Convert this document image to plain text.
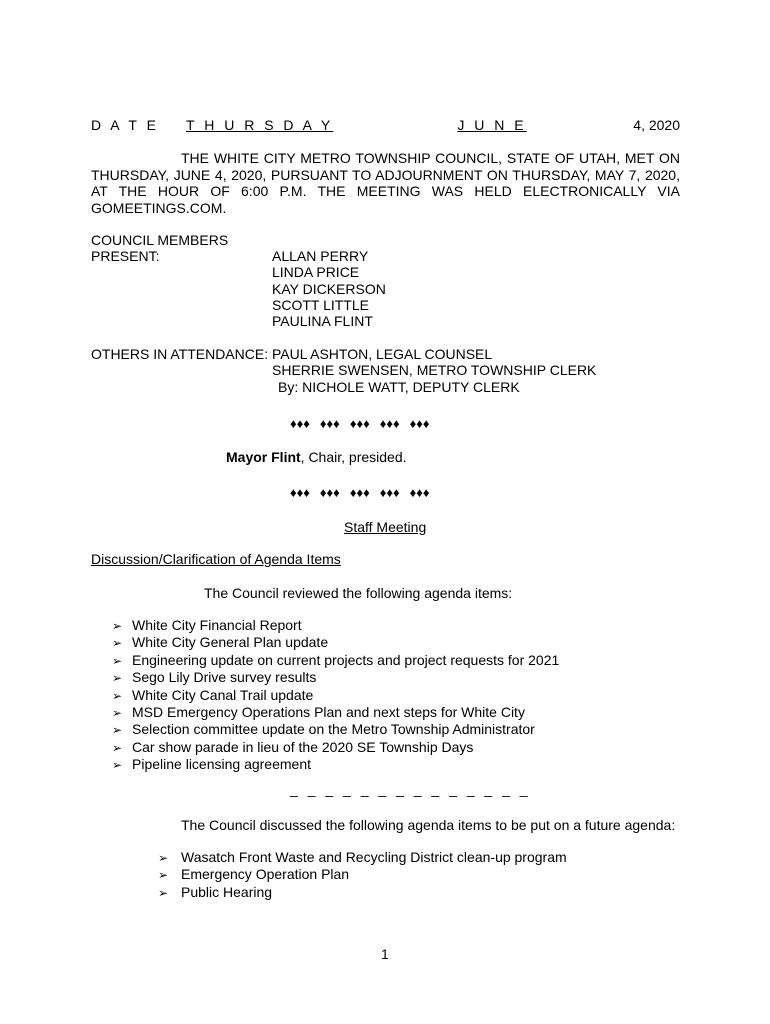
D A T E T H U R S D A Y	J U N E	4, 2020
THE WHITE CITY METRO TOWNSHIP COUNCIL, STATE OF UTAH, MET ON THURSDAY, JUNE 4, 2020, PURSUANT TO ADJOURNMENT ON THURSDAY, MAY 7, 2020, AT THE HOUR OF 6:00 P.M. THE MEETING WAS HELD ELECTRONICALLY VIA GOMEETINGS.COM.
COUNCIL MEMBERS
PRESENT:	ALLAN PERRY
LINDA PRICE
KAY DICKERSON
SCOTT LITTLE
PAULINA FLINT
OTHERS IN ATTENDANCE: PAUL ASHTON, LEGAL COUNSEL
SHERRIE SWENSEN, METRO TOWNSHIP CLERK
By: NICHOLE WATT, DEPUTY CLERK
♦♦♦ ♦♦♦ ♦♦♦ ♦♦♦ ♦♦♦
Mayor Flint, Chair, presided.
♦♦♦ ♦♦♦ ♦♦♦ ♦♦♦ ♦♦♦
Staff Meeting
Discussion/Clarification of Agenda Items
The Council reviewed the following agenda items:
➢ White City Financial Report
➢ White City General Plan update
➢ Engineering update on current projects and project requests for 2021
➢ Sego Lily Drive survey results
➢ White City Canal Trail update
➢ MSD Emergency Operations Plan and next steps for White City
➢ Selection committee update on the Metro Township Administrator
➢ Car show parade in lieu of the 2020 SE Township Days
➢ Pipeline licensing agreement
_ _ _ _ _ _ _ _ _ _ _ _ _ _
The Council discussed the following agenda items to be put on a future agenda:
➢ Wasatch Front Waste and Recycling District clean-up program
➢ Emergency Operation Plan
➢ Public Hearing
1
